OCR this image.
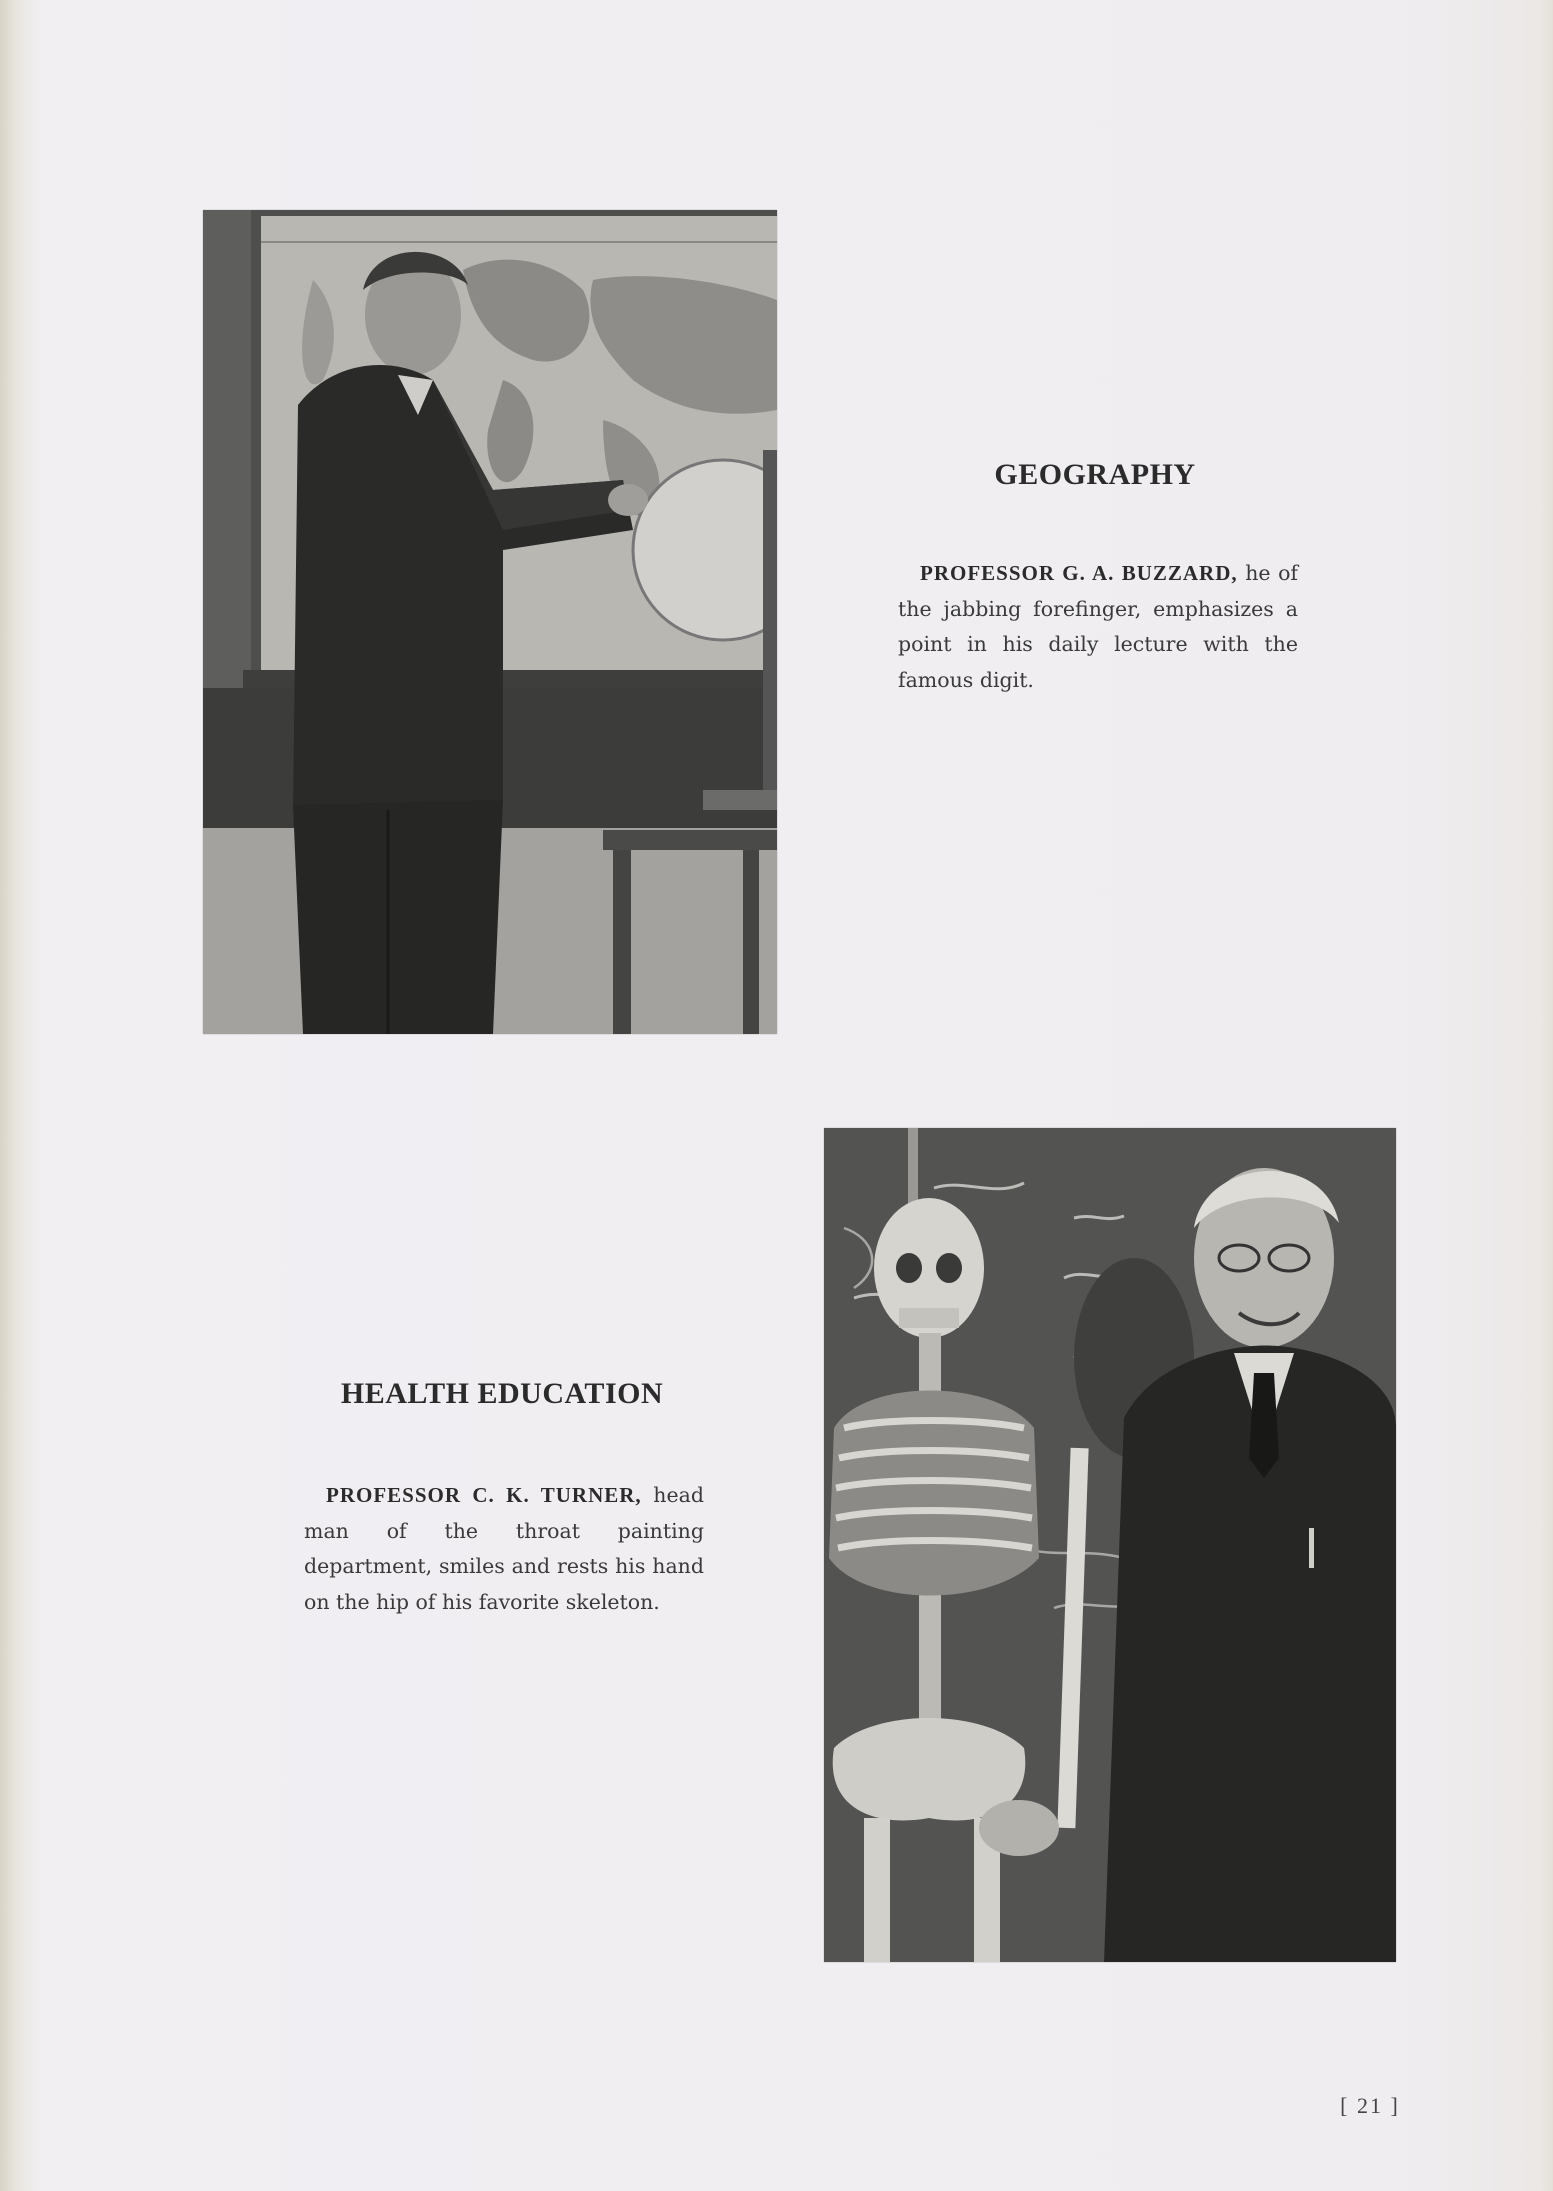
GEOGRAPHY

PROFESSOR G. A. BUZZARD, he of the jabbing forefinger, emphasizes a point in his daily lecture with the famous digit.

HEALTH EDUCATION

PROFESSOR C. K. TURNER, head man of the throat painting department, smiles and rests his hand on the hip of his favorite skeleton.

[ 21 ]
